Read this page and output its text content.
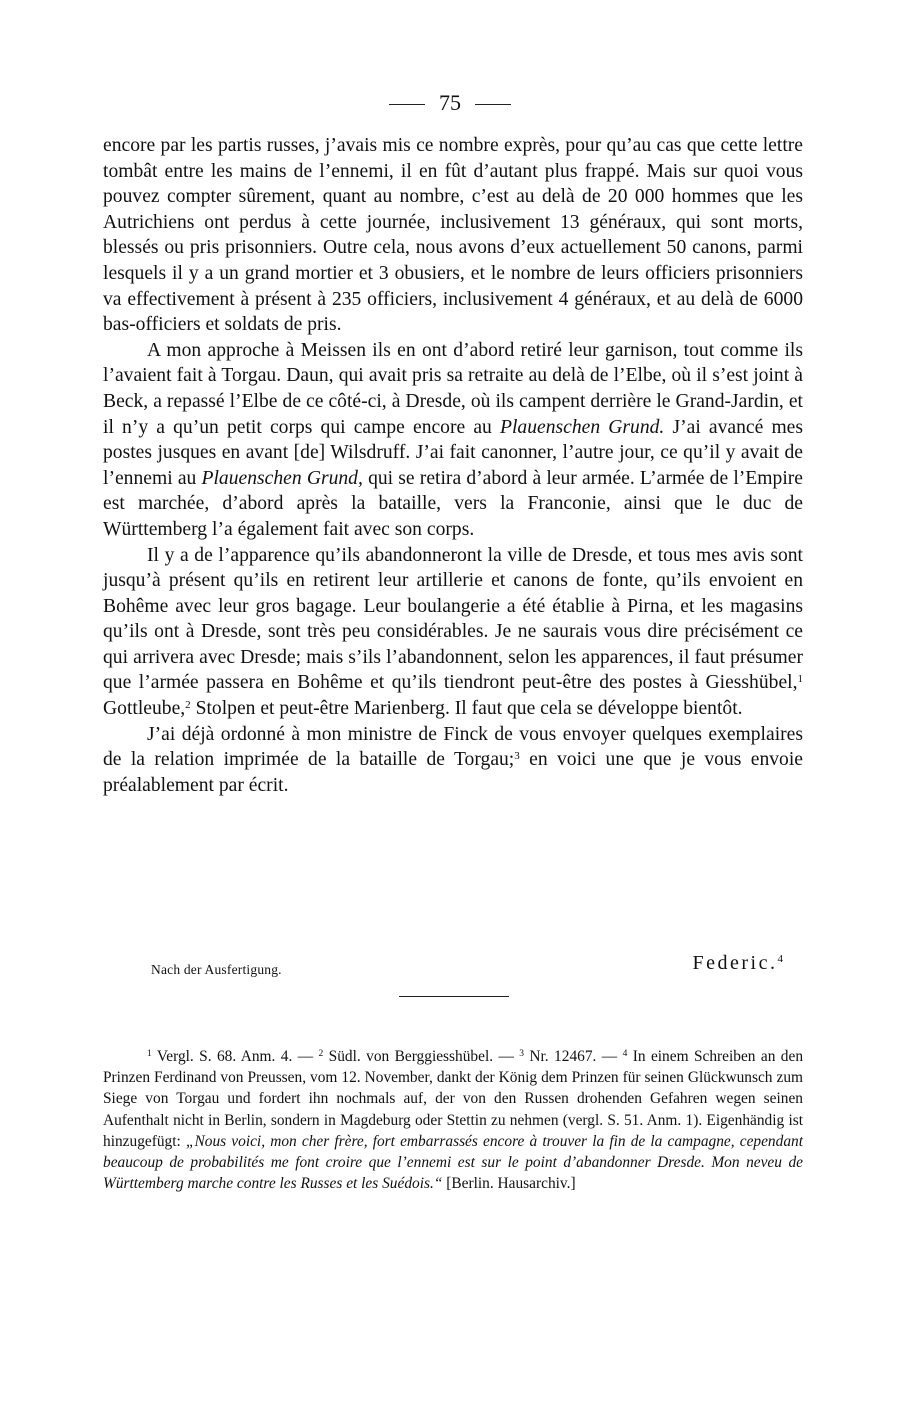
75

encore par les partis russes, j’avais mis ce nombre exprès, pour qu’au cas que cette lettre tombât entre les mains de l’ennemi, il en fût d’autant plus frappé. Mais sur quoi vous pouvez compter sûrement, quant au nombre, c’est au delà de 20 000 hommes que les Autrichiens ont perdus à cette journée, inclusivement 13 généraux, qui sont morts, blessés ou pris prisonniers. Outre cela, nous avons d’eux actuellement 50 canons, parmi lesquels il y a un grand mortier et 3 obusiers, et le nombre de leurs officiers prisonniers va effectivement à présent à 235 officiers, inclusivement 4 généraux, et au delà de 6000 bas-officiers et soldats de pris.

A mon approche à Meissen ils en ont d’abord retiré leur garnison, tout comme ils l’avaient fait à Torgau. Daun, qui avait pris sa retraite au delà de l’Elbe, où il s’est joint à Beck, a repassé l’Elbe de ce côté-ci, à Dresde, où ils campent derrière le Grand-Jardin, et il n’y a qu’un petit corps qui campe encore au Plauenschen Grund. J’ai avancé mes postes jusques en avant [de] Wilsdruff. J’ai fait canonner, l’autre jour, ce qu’il y avait de l’ennemi au Plauenschen Grund, qui se retira d’abord à leur armée. L’armée de l’Empire est marchée, d’abord après la bataille, vers la Franconie, ainsi que le duc de Württemberg l’a également fait avec son corps.

Il y a de l’apparence qu’ils abandonneront la ville de Dresde, et tous mes avis sont jusqu’à présent qu’ils en retirent leur artillerie et canons de fonte, qu’ils envoient en Bohême avec leur gros bagage. Leur boulangerie a été établie à Pirna, et les magasins qu’ils ont à Dresde, sont très peu considérables. Je ne saurais vous dire précisément ce qui arrivera avec Dresde; mais s’ils l’abandonnent, selon les apparences, il faut présumer que l’armée passera en Bohême et qu’ils tiendront peut-être des postes à Giesshübel,$^1$ Gottleube,$^2$ Stolpen et peut-être Marienberg. Il faut que cela se développe bientôt.

J’ai déjà ordonné à mon ministre de Finck de vous envoyer quelques exemplaires de la relation imprimée de la bataille de Torgau;$^3$ en voici une que je vous envoie préalablement par écrit.

Nach der Ausfertigung.	Federic.$^4$

$^1$ Vergl. S. 68. Anm. 4. — $^2$ Südl. von Berggiesshübel. — $^3$ Nr. 12467. — $^4$ In einem Schreiben an den Prinzen Ferdinand von Preussen, vom 12. November, dankt der König dem Prinzen für seinen Glückwunsch zum Siege von Torgau und fordert ihn nochmals auf, der von den Russen drohenden Gefahren wegen seinen Aufenthalt nicht in Berlin, sondern in Magdeburg oder Stettin zu nehmen (vergl. S. 51. Anm. 1). Eigenhändig ist hinzugefügt: „Nous voici, mon cher frère, fort embarrassés encore à trouver la fin de la campagne, cependant beaucoup de probabilités me font croire que l’ennemi est sur le point d’abandonner Dresde. Mon neveu de Württemberg marche contre les Russes et les Suédois.“ [Berlin. Hausarchiv.]
